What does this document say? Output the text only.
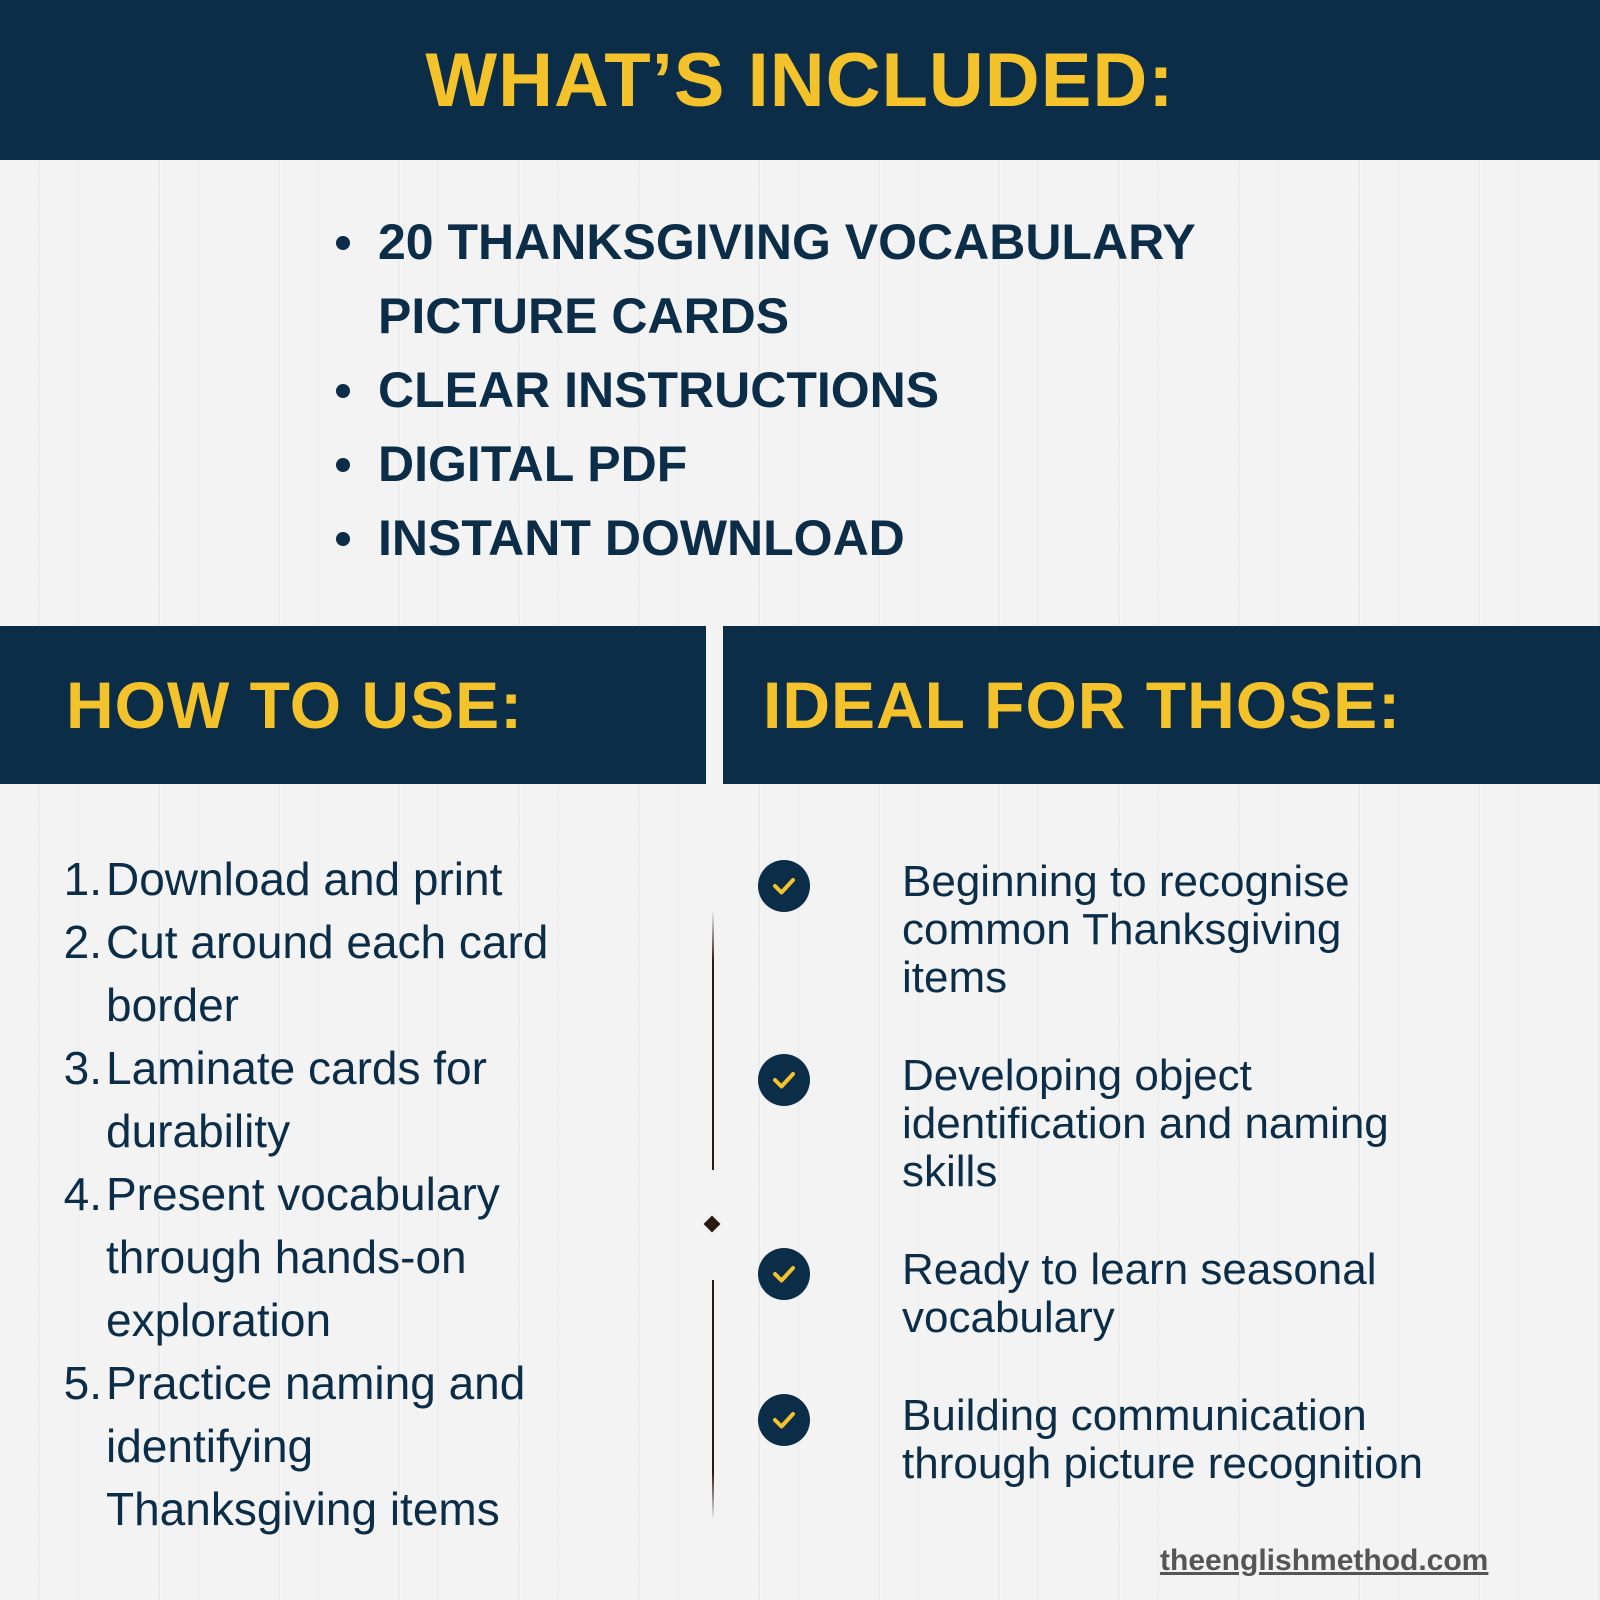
WHAT’S INCLUDED:
20 THANKSGIVING VOCABULARY
PICTURE CARDS
CLEAR INSTRUCTIONS
DIGITAL PDF
INSTANT DOWNLOAD
HOW TO USE:	IDEAL FOR THOSE:
1. Download and print
2. Cut around each card
border
3. Laminate cards for
durability
4. Present vocabulary
through hands-on
exploration
5. Practice naming and
identifying
Thanksgiving items
Beginning to recognise
common Thanksgiving
items
Developing object
identification and naming
skills
Ready to learn seasonal
vocabulary
Building communication
through picture recognition
theenglishmethod.com
